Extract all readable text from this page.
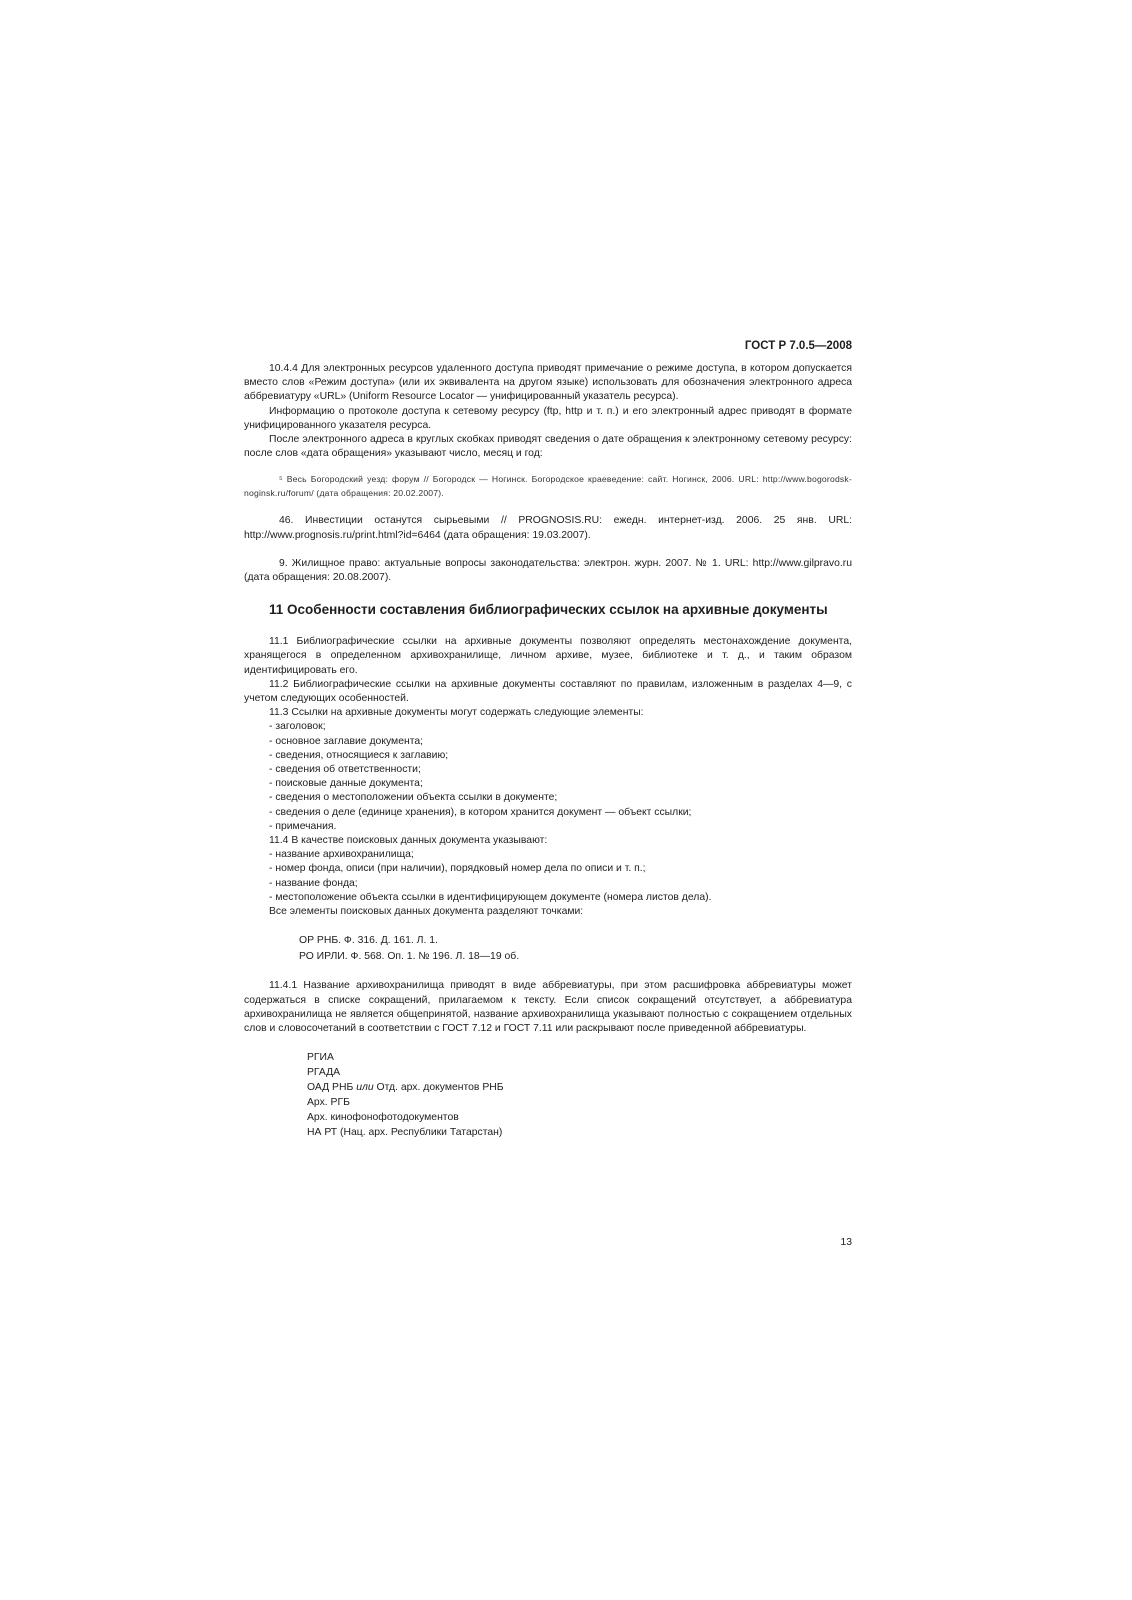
ГОСТ Р 7.0.5—2008

10.4.4 Для электронных ресурсов удаленного доступа приводят примечание о режиме доступа, в котором допускается вместо слов «Режим доступа» (или их эквивалента на другом языке) использовать для обозначения электронного адреса аббревиатуру «URL» (Uniform Resource Locator — унифицированный указатель ресурса).

Информацию о протоколе доступа к сетевому ресурсу (ftp, http и т. п.) и его электронный адрес приводят в формате унифицированного указателя ресурса.

После электронного адреса в круглых скобках приводят сведения о дате обращения к электронному сетевому ресурсу: после слов «дата обращения» указывают число, месяц и год:

⁵ Весь Богородский уезд: форум // Богородск — Ногинск. Богородское краеведение: сайт. Ногинск, 2006. URL: http://www.bogorodsk-noginsk.ru/forum/ (дата обращения: 20.02.2007).

46. Инвестиции останутся сырьевыми // PROGNOSIS.RU: ежедн. интернет-изд. 2006. 25 янв. URL: http://www.prognosis.ru/print.html?id=6464 (дата обращения: 19.03.2007).

9. Жилищное право: актуальные вопросы законодательства: электрон. журн. 2007. № 1. URL: http://www.gilpravo.ru (дата обращения: 20.08.2007).

11 Особенности составления библиографических ссылок на архивные документы

11.1 Библиографические ссылки на архивные документы позволяют определять местонахождение документа, хранящегося в определенном архивохранилище, личном архиве, музее, библиотеке и т. д., и таким образом идентифицировать его.

11.2 Библиографические ссылки на архивные документы составляют по правилам, изложенным в разделах 4—9, с учетом следующих особенностей.

11.3 Ссылки на архивные документы могут содержать следующие элементы:

- заголовок;
- основное заглавие документа;
- сведения, относящиеся к заглавию;
- сведения об ответственности;
- поисковые данные документа;
- сведения о местоположении объекта ссылки в документе;
- сведения о деле (единице хранения), в котором хранится документ — объект ссылки;
- примечания.

11.4 В качестве поисковых данных документа указывают:

- название архивохранилища;
- номер фонда, описи (при наличии), порядковый номер дела по описи и т. п.;
- название фонда;
- местоположение объекта ссылки в идентифицирующем документе (номера листов дела).

Все элементы поисковых данных документа разделяют точками:

ОР РНБ. Ф. 316. Д. 161. Л. 1.

РО ИРЛИ. Ф. 568. Оп. 1. № 196. Л. 18—19 об.

11.4.1 Название архивохранилища приводят в виде аббревиатуры, при этом расшифровка аббревиатуры может содержаться в списке сокращений, прилагаемом к тексту. Если список сокращений отсутствует, а аббревиатура архивохранилища не является общепринятой, название архивохранилища указывают полностью с сокращением отдельных слов и словосочетаний в соответствии с ГОСТ 7.12 и ГОСТ 7.11 или раскрывают после приведенной аббревиатуры.

РГИА

РГАДА

ОАД РНБ или Отд. арх. документов РНБ

Арх. РГБ

Арх. кинофонофотодокументов

НА РТ (Нац. арх. Республики Татарстан)

13
